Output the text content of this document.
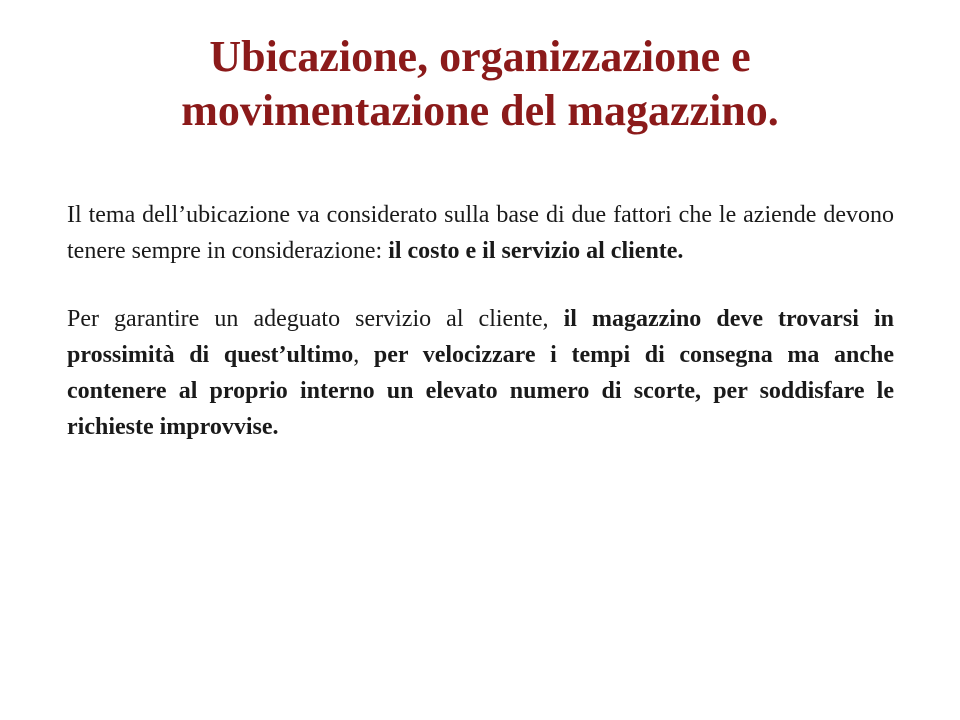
Ubicazione, organizzazione e
movimentazione del magazzino.

Il tema dell’ubicazione va considerato sulla base di due fattori che le aziende devono tenere sempre in considerazione: il costo e il servizio al cliente.

Per garantire un adeguato servizio al cliente, il magazzino deve trovarsi in prossimità di quest’ultimo, per velocizzare i tempi di consegna ma anche contenere al proprio interno un elevato numero di scorte, per soddisfare le richieste improvvise.
